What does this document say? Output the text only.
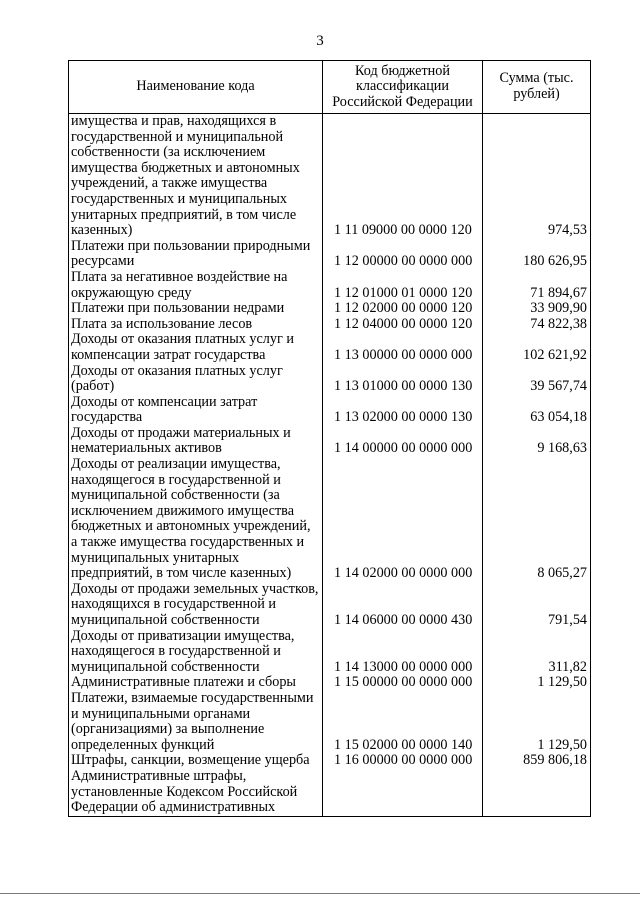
3
Наименование кода	Код бюджетной классификации Российской Федерации	Сумма (тыс. рублей)
имущества и прав, находящихся в государственной и муниципальной собственности (за исключением имущества бюджетных и автономных учреждений, а также имущества государственных и муниципальных унитарных предприятий, в том числе казенных)	1 11 09000 00 0000 120	974,53
Платежи при пользовании природными ресурсами	1 12 00000 00 0000 000	180 626,95
Плата за негативное воздействие на окружающую среду	1 12 01000 01 0000 120	71 894,67
Платежи при пользовании недрами	1 12 02000 00 0000 120	33 909,90
Плата за использование лесов	1 12 04000 00 0000 120	74 822,38
Доходы от оказания платных услуг и компенсации затрат государства	1 13 00000 00 0000 000	102 621,92
Доходы от оказания платных услуг (работ)	1 13 01000 00 0000 130	39 567,74
Доходы от компенсации затрат государства	1 13 02000 00 0000 130	63 054,18
Доходы от продажи материальных и нематериальных активов	1 14 00000 00 0000 000	9 168,63
Доходы от реализации имущества, находящегося в государственной и муниципальной собственности (за исключением движимого имущества бюджетных и автономных учреждений, а также имущества государственных и муниципальных унитарных предприятий, в том числе казенных)	1 14 02000 00 0000 000	8 065,27
Доходы от продажи земельных участков, находящихся в государственной и муниципальной собственности	1 14 06000 00 0000 430	791,54
Доходы от приватизации имущества, находящегося в государственной и муниципальной собственности	1 14 13000 00 0000 000	311,82
Административные платежи и сборы	1 15 00000 00 0000 000	1 129,50
Платежи, взимаемые государственными и муниципальными органами (организациями) за выполнение определенных функций	1 15 02000 00 0000 140	1 129,50
Штрафы, санкции, возмещение ущерба	1 16 00000 00 0000 000	859 806,18
Административные штрафы, установленные Кодексом Российской Федерации об административных		
